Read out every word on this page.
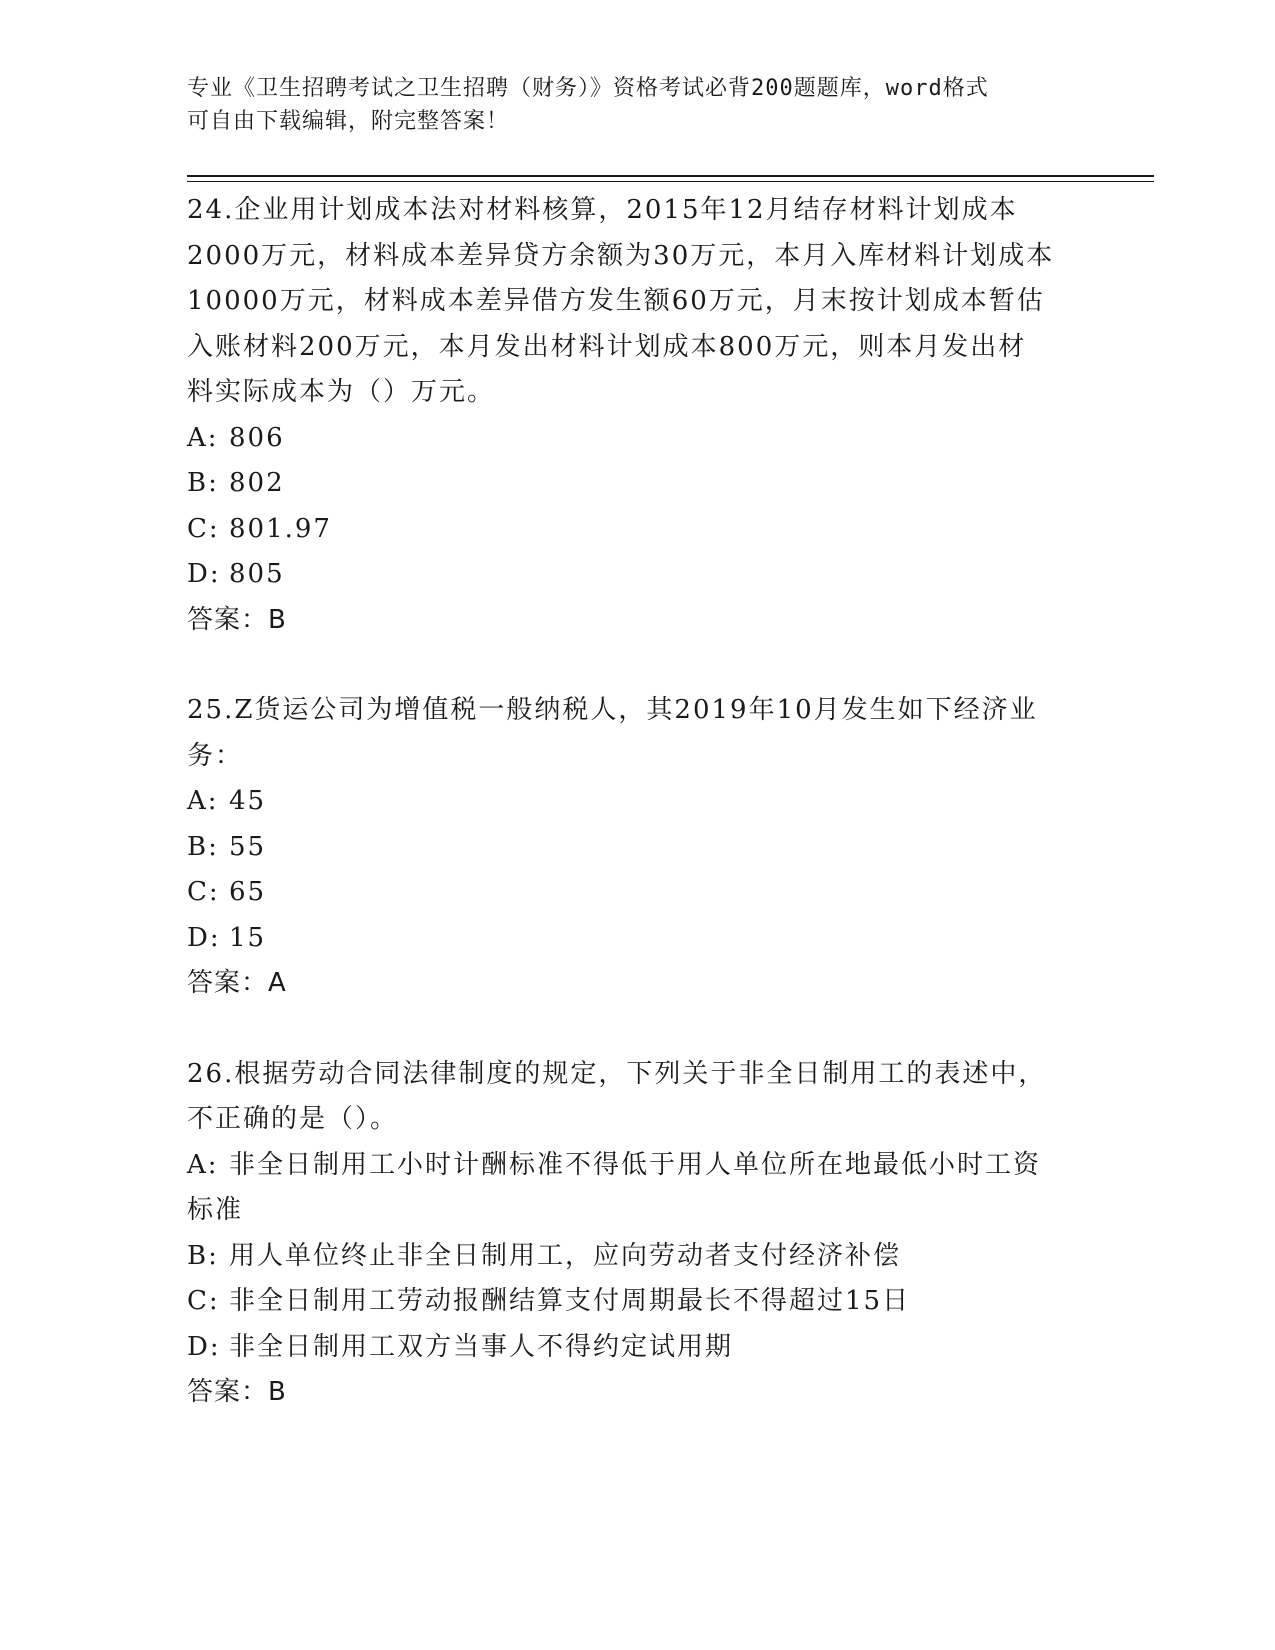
专业《卫生招聘考试之卫生招聘（财务）》资格考试必背200题题库，word格式
可自由下载编辑，附完整答案！

24.企业用计划成本法对材料核算，2015年12月结存材料计划成本

2000万元，材料成本差异贷方余额为30万元，本月入库材料计划成本

10000万元，材料成本差异借方发生额60万元，月末按计划成本暂估

入账材料200万元，本月发出材料计划成本800万元，则本月发出材

料实际成本为（）万元。

A: 806

B: 802

C: 801.97

D: 805

答案：B

25.Z货运公司为增值税一般纳税人，其2019年10月发生如下经济业

务：

A: 45

B: 55

C: 65

D: 15

答案：A

26.根据劳动合同法律制度的规定，下列关于非全日制用工的表述中，

不正确的是（）。

A: 非全日制用工小时计酬标准不得低于用人单位所在地最低小时工资

标准

B: 用人单位终止非全日制用工，应向劳动者支付经济补偿

C: 非全日制用工劳动报酬结算支付周期最长不得超过15日

D: 非全日制用工双方当事人不得约定试用期

答案：B
